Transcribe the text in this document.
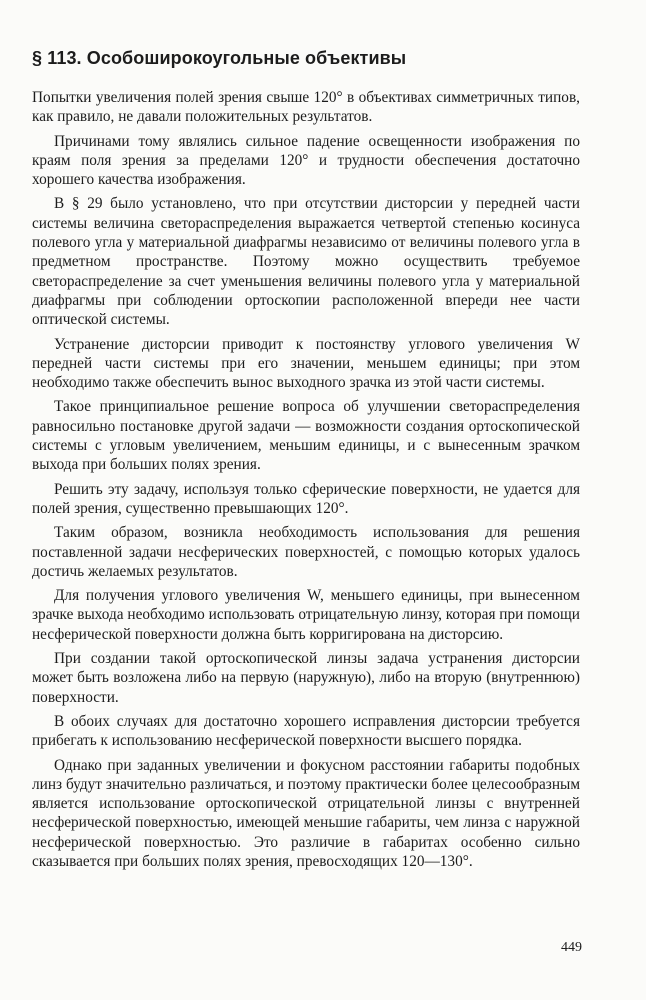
§ 113. Особоширокоугольные объективы

Попытки увеличения полей зрения свыше 120° в объективах симметричных типов, как правило, не давали положительных результатов.

Причинами тому являлись сильное падение освещенности изображения по краям поля зрения за пределами 120° и трудности обеспечения достаточно хорошего качества изображения.

В § 29 было установлено, что при отсутствии дисторсии у передней части системы величина светораспределения выражается четвертой степенью косинуса полевого угла у материальной диафрагмы независимо от величины полевого угла в предметном пространстве. Поэтому можно осуществить требуемое светораспределение за счет уменьшения величины полевого угла у материальной диафрагмы при соблюдении ортоскопии расположенной впереди нее части оптической системы.

Устранение дисторсии приводит к постоянству углового увеличения W передней части системы при его значении, меньшем единицы; при этом необходимо также обеспечить вынос выходного зрачка из этой части системы.

Такое принципиальное решение вопроса об улучшении светораспределения равносильно постановке другой задачи — возможности создания ортоскопической системы с угловым увеличением, меньшим единицы, и с вынесенным зрачком выхода при больших полях зрения.

Решить эту задачу, используя только сферические поверхности, не удается для полей зрения, существенно превышающих 120°.

Таким образом, возникла необходимость использования для решения поставленной задачи несферических поверхностей, с помощью которых удалось достичь желаемых результатов.

Для получения углового увеличения W, меньшего единицы, при вынесенном зрачке выхода необходимо использовать отрицательную линзу, которая при помощи несферической поверхности должна быть корригирована на дисторсию.

При создании такой ортоскопической линзы задача устранения дисторсии может быть возложена либо на первую (наружную), либо на вторую (внутреннюю) поверхности.

В обоих случаях для достаточно хорошего исправления дисторсии требуется прибегать к использованию несферической поверхности высшего порядка.

Однако при заданных увеличении и фокусном расстоянии габариты подобных линз будут значительно различаться, и поэтому практически более целесообразным является использование ортоскопической отрицательной линзы с внутренней несферической поверхностью, имеющей меньшие габариты, чем линза с наружной несферической поверхностью. Это различие в габаритах особенно сильно сказывается при больших полях зрения, превосходящих 120—130°.

449
